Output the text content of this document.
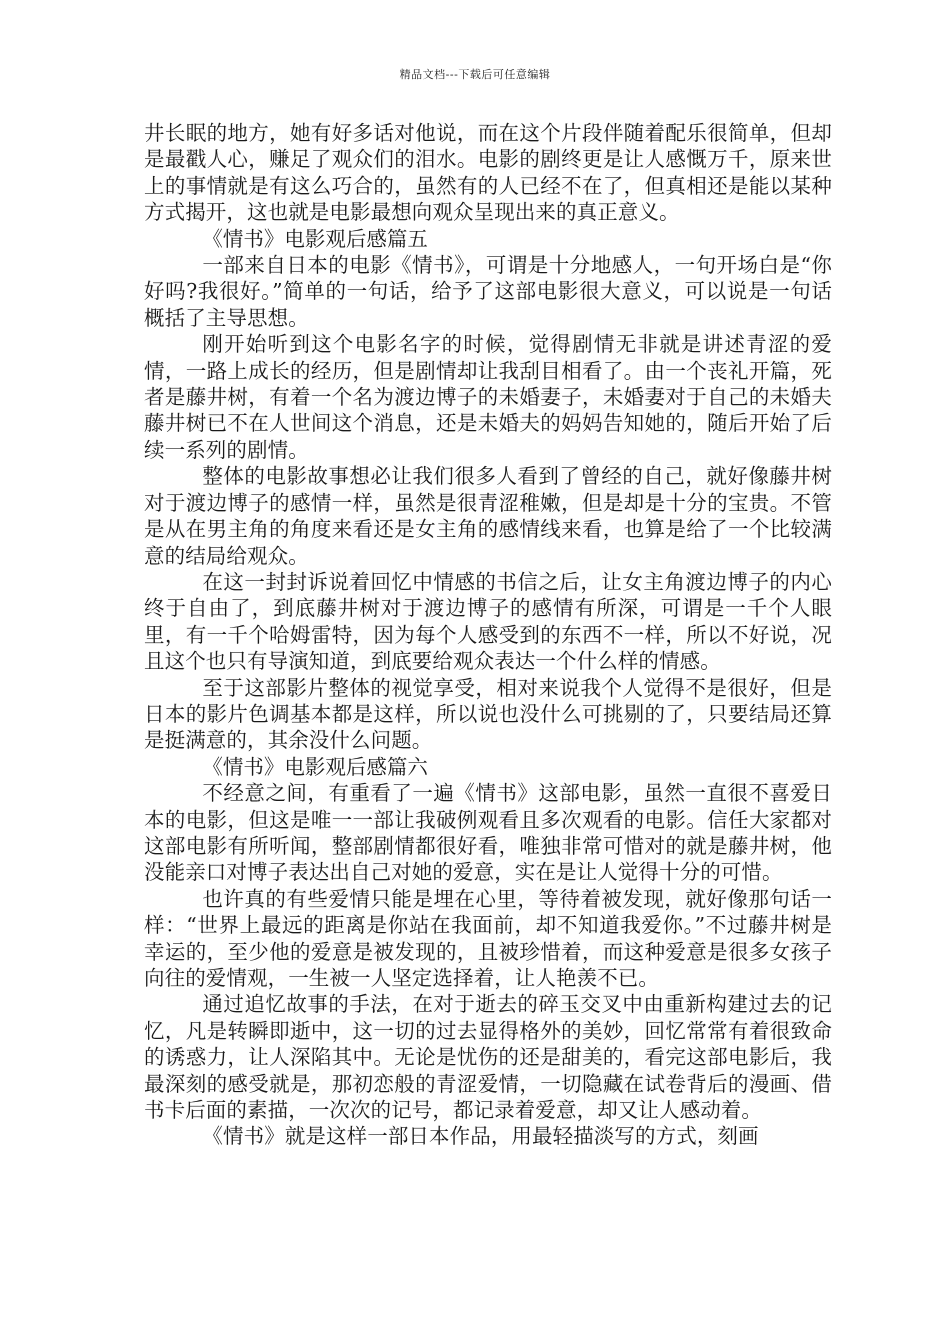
精品文档---下载后可任意编辑

井长眠的地方，她有好多话对他说，而在这个片段伴随着配乐很简单，但却是最戳人心，赚足了观众们的泪水。电影的剧终更是让人感慨万千，原来世上的事情就是有这么巧合的，虽然有的人已经不在了，但真相还是能以某种方式揭开，这也就是电影最想向观众呈现出来的真正意义。

《情书》电影观后感篇五

一部来自日本的电影《情书》，可谓是十分地感人，一句开场白是“你好吗?我很好。”简单的一句话，给予了这部电影很大意义，可以说是一句话概括了主导思想。

刚开始听到这个电影名字的时候，觉得剧情无非就是讲述青涩的爱情，一路上成长的经历，但是剧情却让我刮目相看了。由一个丧礼开篇，死者是藤井树，有着一个名为渡边博子的未婚妻子，未婚妻对于自己的未婚夫藤井树已不在人世间这个消息，还是未婚夫的妈妈告知她的，随后开始了后续一系列的剧情。

整体的电影故事想必让我们很多人看到了曾经的自己，就好像藤井树对于渡边博子的感情一样，虽然是很青涩稚嫩，但是却是十分的宝贵。不管是从在男主角的角度来看还是女主角的感情线来看，也算是给了一个比较满意的结局给观众。

在这一封封诉说着回忆中情感的书信之后，让女主角渡边博子的内心终于自由了，到底藤井树对于渡边博子的感情有所深，可谓是一千个人眼里，有一千个哈姆雷特，因为每个人感受到的东西不一样，所以不好说，况且这个也只有导演知道，到底要给观众表达一个什么样的情感。

至于这部影片整体的视觉享受，相对来说我个人觉得不是很好，但是日本的影片色调基本都是这样，所以说也没什么可挑剔的了，只要结局还算是挺满意的，其余没什么问题。

《情书》电影观后感篇六

不经意之间，有重看了一遍《情书》这部电影，虽然一直很不喜爱日本的电影，但这是唯一一部让我破例观看且多次观看的电影。信任大家都对这部电影有所听闻，整部剧情都很好看，唯独非常可惜对的就是藤井树，他没能亲口对博子表达出自己对她的爱意，实在是让人觉得十分的可惜。

也许真的有些爱情只能是埋在心里，等待着被发现，就好像那句话一样：“世界上最远的距离是你站在我面前，却不知道我爱你。”不过藤井树是幸运的，至少他的爱意是被发现的，且被珍惜着，而这种爱意是很多女孩子向往的爱情观，一生被一人坚定选择着，让人艳羡不已。

通过追忆故事的手法，在对于逝去的碎玉交叉中由重新构建过去的记忆，凡是转瞬即逝中，这一切的过去显得格外的美妙，回忆常常有着很致命的诱惑力，让人深陷其中。无论是忧伤的还是甜美的，看完这部电影后，我最深刻的感受就是，那初恋般的青涩爱情，一切隐藏在试卷背后的漫画、借书卡后面的素描，一次次的记号，都记录着爱意，却又让人感动着。

《情书》就是这样一部日本作品，用最轻描淡写的方式，刻画
